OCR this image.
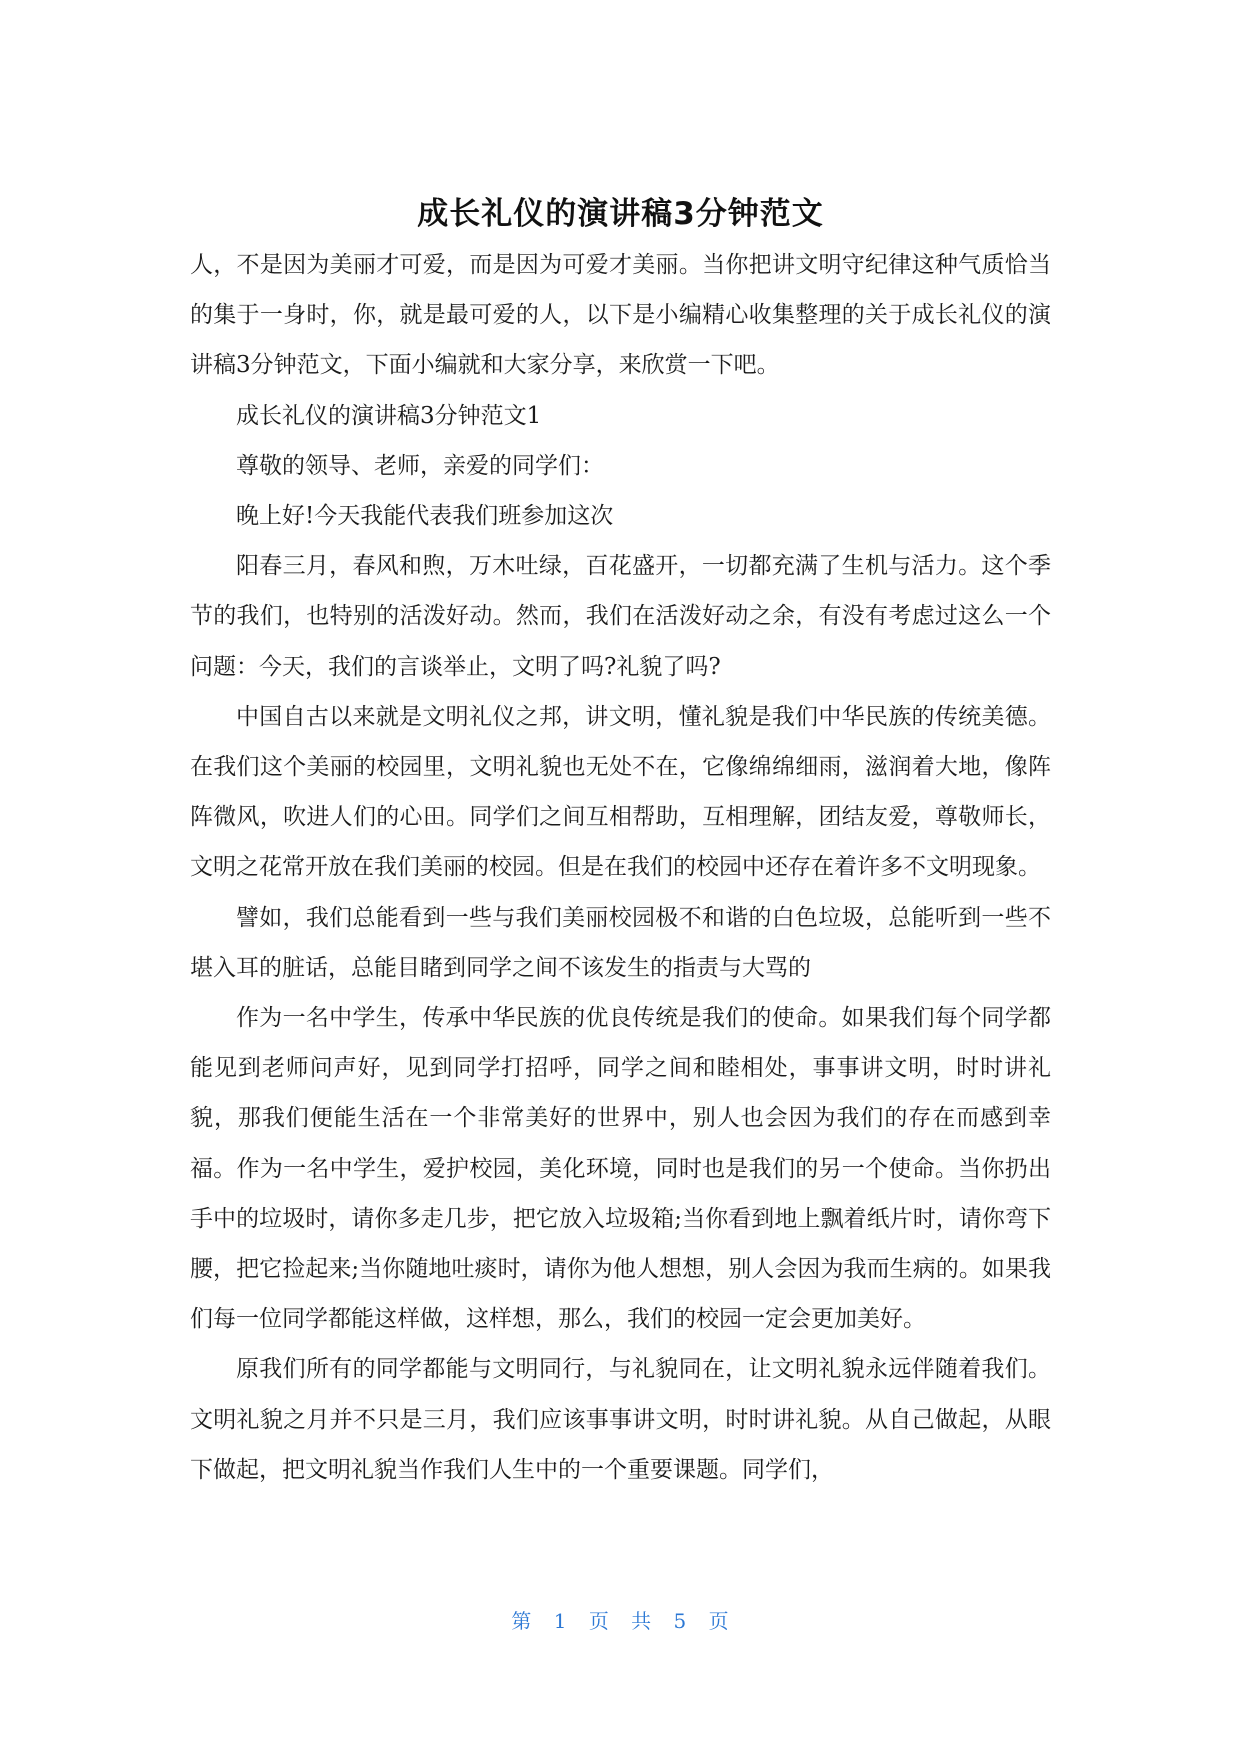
成长礼仪的演讲稿3分钟范文

人，不是因为美丽才可爱，而是因为可爱才美丽。当你把讲文明守纪律这种气质恰当的集于一身时，你，就是最可爱的人，以下是小编精心收集整理的关于成长礼仪的演讲稿3分钟范文，下面小编就和大家分享，来欣赏一下吧。

成长礼仪的演讲稿3分钟范文1

尊敬的领导、老师，亲爱的同学们：

晚上好!今天我能代表我们班参加这次

阳春三月，春风和煦，万木吐绿，百花盛开，一切都充满了生机与活力。这个季节的我们，也特别的活泼好动。然而，我们在活泼好动之余，有没有考虑过这么一个问题：今天，我们的言谈举止，文明了吗?礼貌了吗?

中国自古以来就是文明礼仪之邦，讲文明，懂礼貌是我们中华民族的传统美德。在我们这个美丽的校园里，文明礼貌也无处不在，它像绵绵细雨，滋润着大地，像阵阵微风，吹进人们的心田。同学们之间互相帮助，互相理解，团结友爱，尊敬师长，文明之花常开放在我们美丽的校园。但是在我们的校园中还存在着许多不文明现象。

譬如，我们总能看到一些与我们美丽校园极不和谐的白色垃圾，总能听到一些不堪入耳的脏话，总能目睹到同学之间不该发生的指责与大骂的

作为一名中学生，传承中华民族的优良传统是我们的使命。如果我们每个同学都能见到老师问声好，见到同学打招呼，同学之间和睦相处，事事讲文明，时时讲礼貌，那我们便能生活在一个非常美好的世界中，别人也会因为我们的存在而感到幸福。作为一名中学生，爱护校园，美化环境，同时也是我们的另一个使命。当你扔出手中的垃圾时，请你多走几步，把它放入垃圾箱;当你看到地上飘着纸片时，请你弯下腰，把它捡起来;当你随地吐痰时，请你为他人想想，别人会因为我而生病的。如果我们每一位同学都能这样做，这样想，那么，我们的校园一定会更加美好。

原我们所有的同学都能与文明同行，与礼貌同在，让文明礼貌永远伴随着我们。文明礼貌之月并不只是三月，我们应该事事讲文明，时时讲礼貌。从自己做起，从眼下做起，把文明礼貌当作我们人生中的一个重要课题。同学们，

第 1 页 共 5 页
